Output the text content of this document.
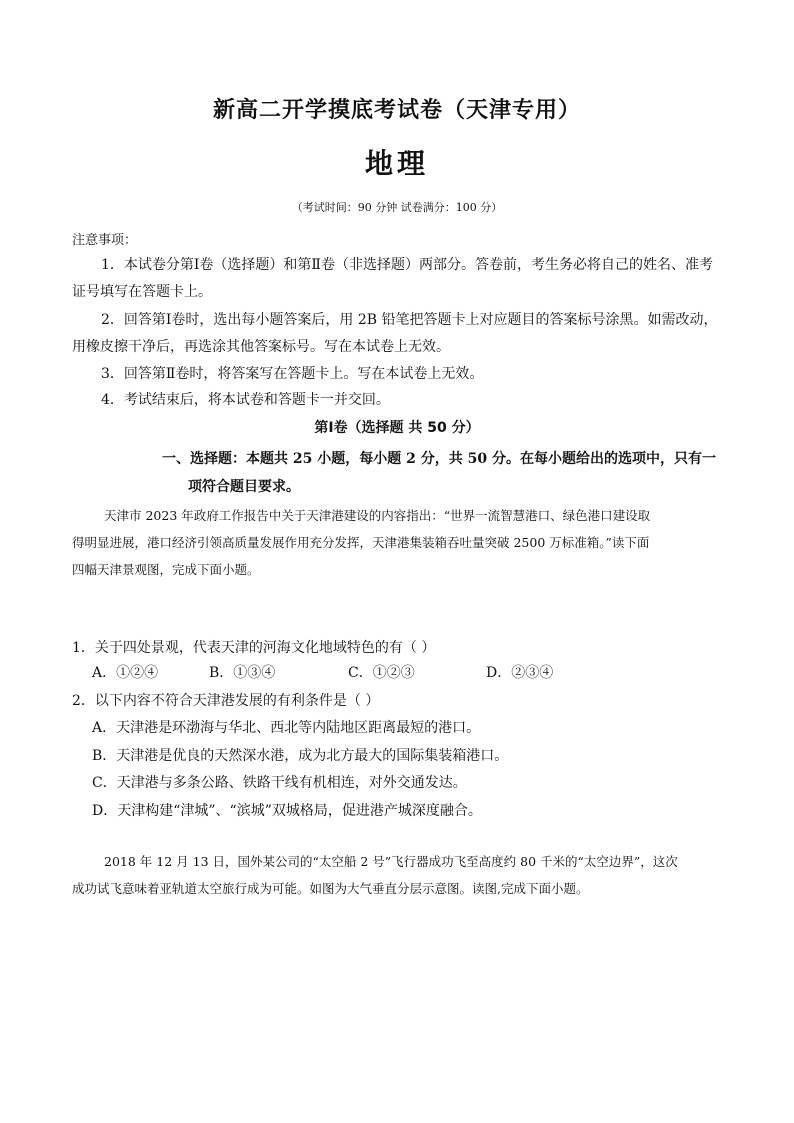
新高二开学摸底考试卷（天津专用）
地理
（考试时间：90 分钟 试卷满分：100 分）
注意事项：
1．本试卷分第Ⅰ卷（选择题）和第Ⅱ卷（非选择题）两部分。答卷前，考生务必将自己的姓名、准考
证号填写在答题卡上。
2．回答第Ⅰ卷时，选出每小题答案后，用 2B 铅笔把答题卡上对应题目的答案标号涂黑。如需改动，
用橡皮擦干净后，再选涂其他答案标号。写在本试卷上无效。
3．回答第Ⅱ卷时，将答案写在答题卡上。写在本试卷上无效。
4．考试结束后，将本试卷和答题卡一并交回。
第Ⅰ卷（选择题 共 50 分）
一、选择题：本题共 25 小题，每小题 2 分，共 50 分。在每小题给出的选项中，只有一
项符合题目要求。
天津市 2023 年政府工作报告中关于天津港建设的内容指出：“世界一流智慧港口、绿色港口建设取
得明显进展，港口经济引领高质量发展作用充分发挥，天津港集装箱吞吐量突破 2500 万标准箱。”读下面
四幅天津景观图，完成下面小题。
1．关于四处景观，代表天津的河海文化地域特色的有（ ）
A．①②④	B．①③④	C．①②③	D．②③④
2．以下内容不符合天津港发展的有利条件是（ ）
A．天津港是环渤海与华北、西北等内陆地区距离最短的港口。
B．天津港是优良的天然深水港，成为北方最大的国际集装箱港口。
C．天津港与多条公路、铁路干线有机相连，对外交通发达。
D．天津构建“津城”、“滨城”双城格局，促进港产城深度融合。
2018 年 12 月 13 日，国外某公司的“太空船 2 号”飞行器成功飞至高度约 80 千米的“太空边界”，这次
成功试飞意味着亚轨道太空旅行成为可能。如图为大气垂直分层示意图。读图,完成下面小题。
